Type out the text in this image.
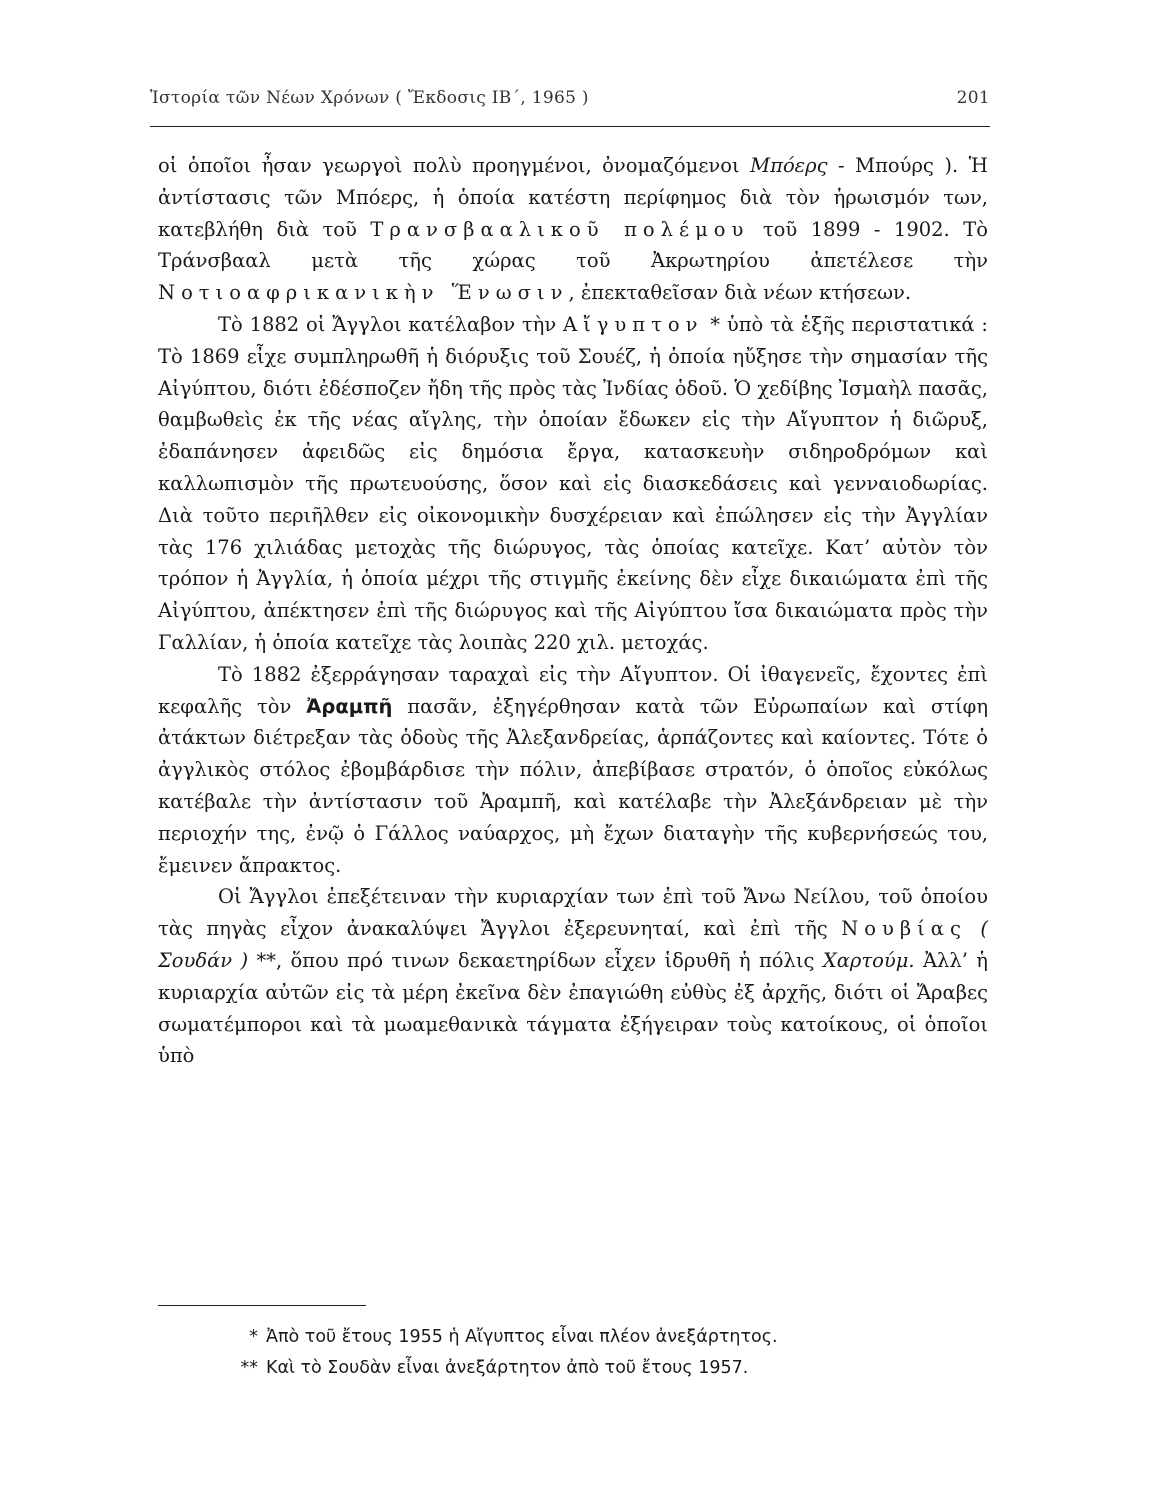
Ἱστορία τῶν Νέων Χρόνων ( Ἔκδοσις ΙΒ΄, 1965 )	201

οἱ ὁποῖοι ἦσαν γεωργοὶ πολὺ προηγμένοι, ὀνομαζόμενοι Μπόερς - Μπούρς ). Ἡ ἀντίστασις τῶν Μπόερς, ἡ ὁποία κατέστη περίφημος διὰ τὸν ἡρωισμόν των, κατεβλήθη διὰ τοῦ Τρανσβααλικοῦ πολέμου τοῦ 1899 - 1902. Τὸ Τράνσβααλ μετὰ τῆς χώρας τοῦ Ἀκρωτηρίου ἀπετέλεσε τὴν Νοτιοαφρικανικὴν Ἕνωσιν, ἐπεκταθεῖσαν διὰ νέων κτήσεων.

Τὸ 1882 οἱ Ἄγγλοι κατέλαβον τὴν Αἴγυπτον * ὑπὸ τὰ ἑξῆς περιστατικά : Τὸ 1869 εἶχε συμπληρωθῆ ἡ διόρυξις τοῦ Σουέζ, ἡ ὁποία ηὔξησε τὴν σημασίαν τῆς Αἰγύπτου, διότι ἐδέσποζεν ἤδη τῆς πρὸς τὰς Ἰνδίας ὁδοῦ. Ὁ χεδίβης Ἰσμαὴλ πασᾶς, θαμβωθεὶς ἐκ τῆς νέας αἴγλης, τὴν ὁποίαν ἔδωκεν εἰς τὴν Αἴγυπτον ἡ διῶρυξ, ἐδαπάνησεν ἀφειδῶς εἰς δημόσια ἔργα, κατασκευὴν σιδηροδρόμων καὶ καλλωπισμὸν τῆς πρωτευούσης, ὅσον καὶ εἰς διασκεδάσεις καὶ γενναιοδωρίας. Διὰ τοῦτο περιῆλθεν εἰς οἰκονομικὴν δυσχέρειαν καὶ ἐπώλησεν εἰς τὴν Ἀγγλίαν τὰς 176 χιλιάδας μετοχὰς τῆς διώρυγος, τὰς ὁποίας κατεῖχε. Κατ’ αὐτὸν τὸν τρόπον ἡ Ἀγγλία, ἡ ὁποία μέχρι τῆς στιγμῆς ἐκείνης δὲν εἶχε δικαιώματα ἐπὶ τῆς Αἰγύπτου, ἀπέκτησεν ἐπὶ τῆς διώρυγος καὶ τῆς Αἰγύπτου ἴσα δικαιώματα πρὸς τὴν Γαλλίαν, ἡ ὁποία κατεῖχε τὰς λοιπὰς 220 χιλ. μετοχάς.

Τὸ 1882 ἐξερράγησαν ταραχαὶ εἰς τὴν Αἴγυπτον. Οἱ ἰθαγενεῖς, ἔχοντες ἐπὶ κεφαλῆς τὸν Ἀραμπῆ πασᾶν, ἐξηγέρθησαν κατὰ τῶν Εὐρωπαίων καὶ στίφη ἀτάκτων διέτρεξαν τὰς ὁδοὺς τῆς Ἀλεξανδρείας, ἁρπάζοντες καὶ καίοντες. Τότε ὁ ἀγγλικὸς στόλος ἐβομβάρδισε τὴν πόλιν, ἀπεβίβασε στρατόν, ὁ ὁποῖος εὐκόλως κατέβαλε τὴν ἀντίστασιν τοῦ Ἀραμπῆ, καὶ κατέλαβε τὴν Ἀλεξάνδρειαν μὲ τὴν περιοχήν της, ἐνῷ ὁ Γάλλος ναύαρχος, μὴ ἔχων διαταγὴν τῆς κυβερνήσεώς του, ἔμεινεν ἄπρακτος.

Οἱ Ἄγγλοι ἐπεξέτειναν τὴν κυριαρχίαν των ἐπὶ τοῦ Ἄνω Νείλου, τοῦ ὁποίου τὰς πηγὰς εἶχον ἀνακαλύψει Ἄγγλοι ἐξερευνηταί, καὶ ἐπὶ τῆς Νουβίας ( Σουδάν ) **, ὅπου πρό τινων δεκαετηρίδων εἶχεν ἱδρυθῆ ἡ πόλις Χαρτούμ. Ἀλλ’ ἡ κυριαρχία αὐτῶν εἰς τὰ μέρη ἐκεῖνα δὲν ἐπαγιώθη εὐθὺς ἐξ ἀρχῆς, διότι οἱ Ἄραβες σωματέμποροι καὶ τὰ μωαμεθανικὰ τάγματα ἐξήγειραν τοὺς κατοίκους, οἱ ὁποῖοι ὑπὸ

* Ἀπὸ τοῦ ἔτους 1955 ἡ Αἴγυπτος εἶναι πλέον ἀνεξάρτητος.
** Καὶ τὸ Σουδὰν εἶναι ἀνεξάρτητον ἀπὸ τοῦ ἔτους 1957.
